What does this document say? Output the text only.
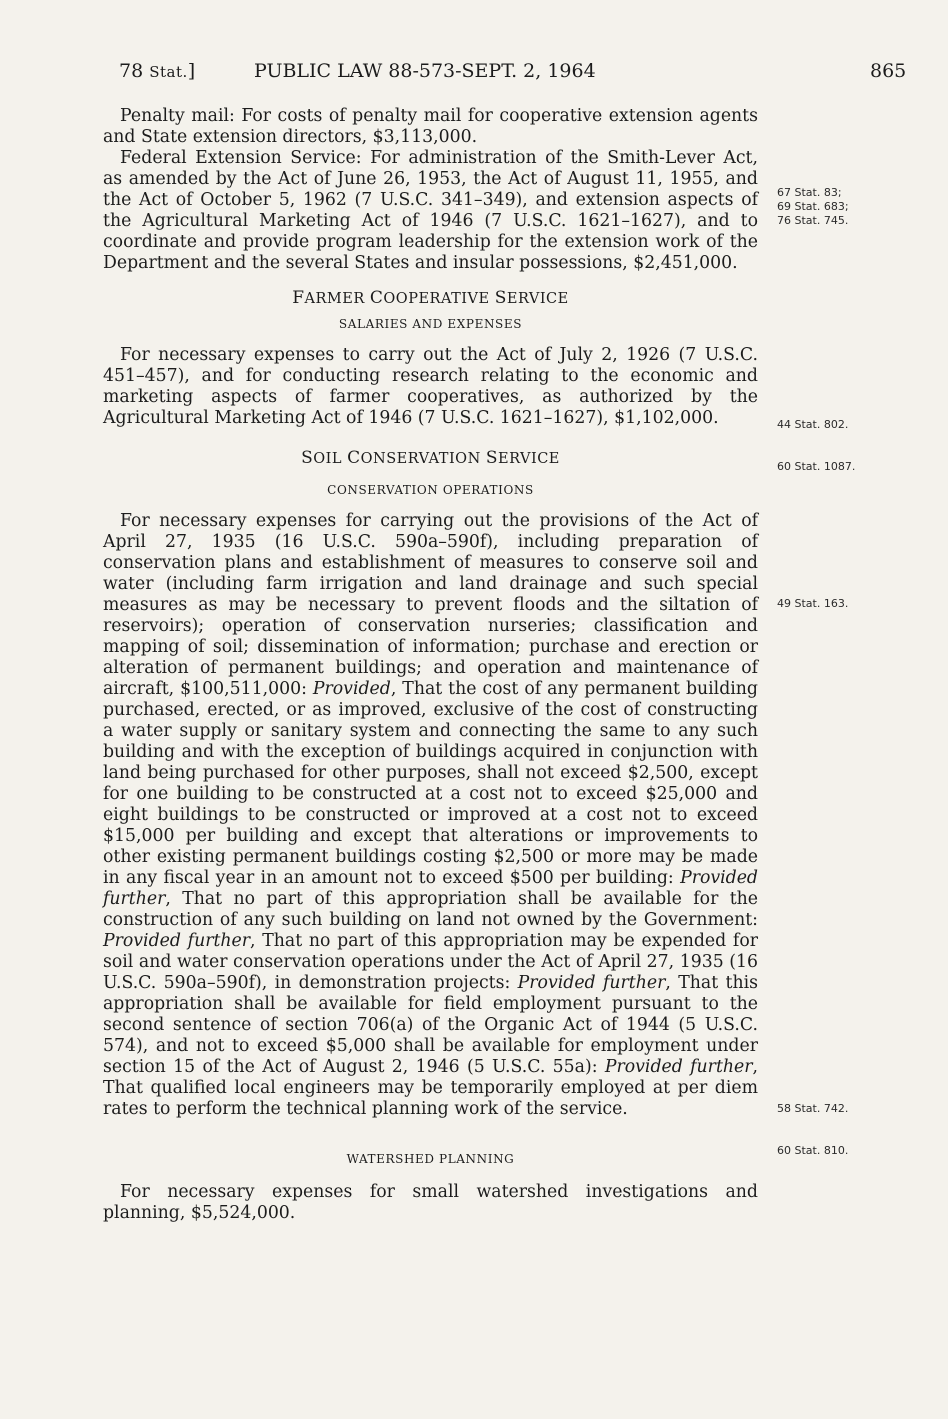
78 Stat.]	PUBLIC LAW 88-573-SEPT. 2, 1964	865

Penalty mail: For costs of penalty mail for cooperative extension agents and State extension directors, $3,113,000.

Federal Extension Service: For administration of the Smith-Lever Act, as amended by the Act of June 26, 1953, the Act of August 11, 1955, and the Act of October 5, 1962 (7 U.S.C. 341–349), and extension aspects of the Agricultural Marketing Act of 1946 (7 U.S.C. 1621–1627), and to coordinate and provide program leadership for the extension work of the Department and the several States and insular possessions, $2,451,000.

FARMER COOPERATIVE SERVICE

SALARIES AND EXPENSES

For necessary expenses to carry out the Act of July 2, 1926 (7 U.S.C. 451–457), and for conducting research relating to the economic and marketing aspects of farmer cooperatives, as authorized by the Agricultural Marketing Act of 1946 (7 U.S.C. 1621–1627), $1,102,000.

SOIL CONSERVATION SERVICE

CONSERVATION OPERATIONS

For necessary expenses for carrying out the provisions of the Act of April 27, 1935 (16 U.S.C. 590a–590f), including preparation of conservation plans and establishment of measures to conserve soil and water (including farm irrigation and land drainage and such special measures as may be necessary to prevent floods and the siltation of reservoirs); operation of conservation nurseries; classification and mapping of soil; dissemination of information; purchase and erection or alteration of permanent buildings; and operation and maintenance of aircraft, $100,511,000: Provided, That the cost of any permanent building purchased, erected, or as improved, exclusive of the cost of constructing a water supply or sanitary system and connecting the same to any such building and with the exception of buildings acquired in conjunction with land being purchased for other purposes, shall not exceed $2,500, except for one building to be constructed at a cost not to exceed $25,000 and eight buildings to be constructed or improved at a cost not to exceed $15,000 per building and except that alterations or improvements to other existing permanent buildings costing $2,500 or more may be made in any fiscal year in an amount not to exceed $500 per building: Provided further, That no part of this appropriation shall be available for the construction of any such building on land not owned by the Government: Provided further, That no part of this appropriation may be expended for soil and water conservation operations under the Act of April 27, 1935 (16 U.S.C. 590a–590f), in demonstration projects: Provided further, That this appropriation shall be available for field employment pursuant to the second sentence of section 706(a) of the Organic Act of 1944 (5 U.S.C. 574), and not to exceed $5,000 shall be available for employment under section 15 of the Act of August 2, 1946 (5 U.S.C. 55a): Provided further, That qualified local engineers may be temporarily employed at per diem rates to perform the technical planning work of the service.

WATERSHED PLANNING

For necessary expenses for small watershed investigations and planning, $5,524,000.

67 Stat. 83;
69 Stat. 683;
76 Stat. 745.
44 Stat. 802.
60 Stat. 1087.
49 Stat. 163.
58 Stat. 742.
60 Stat. 810.
